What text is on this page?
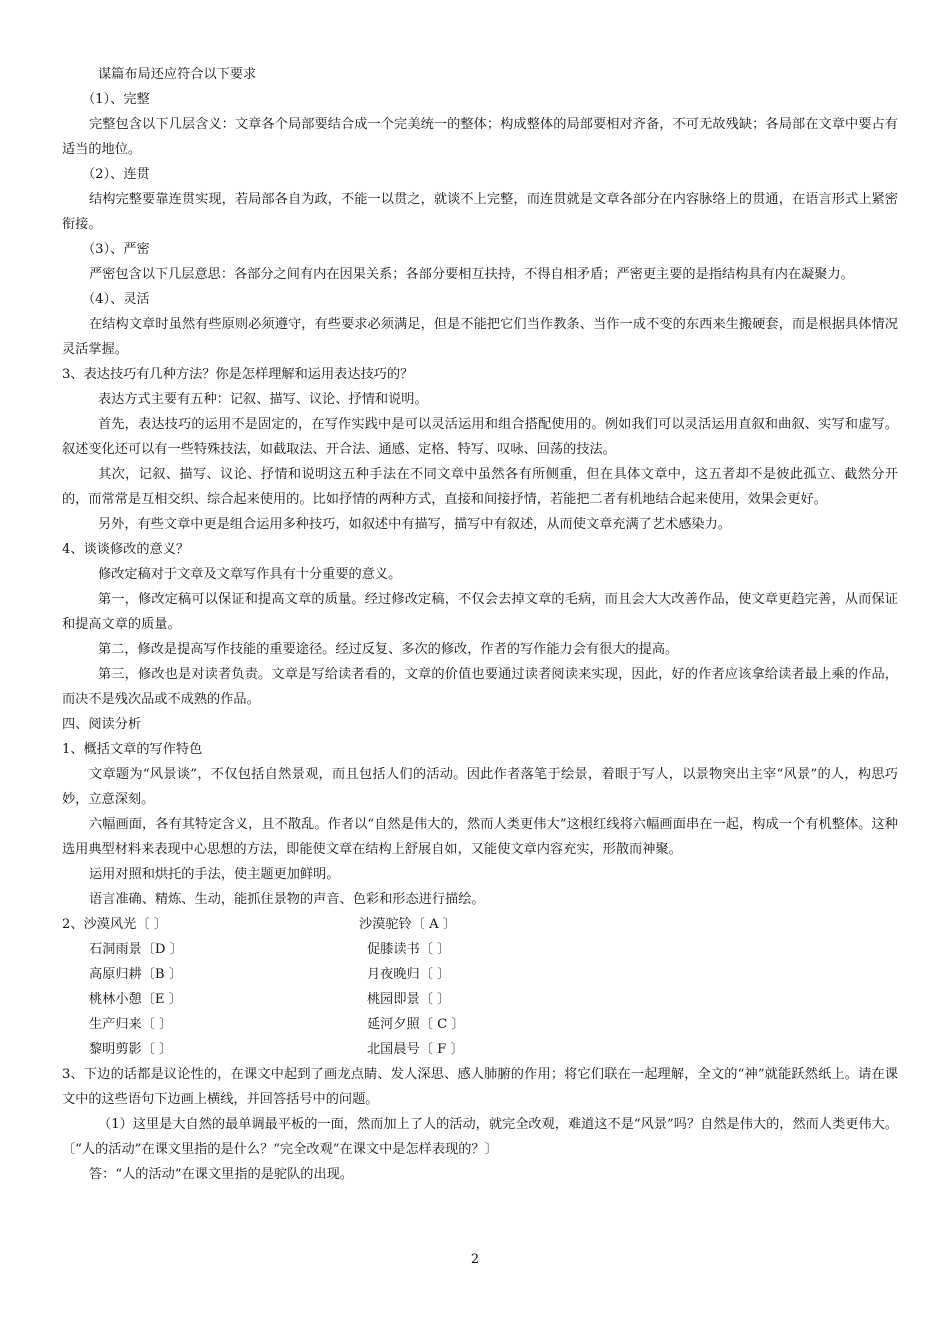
谋篇布局还应符合以下要求
（1）、完整
完整包含以下几层含义：文章各个局部要结合成一个完美统一的整体；构成整体的局部要相对齐备，不可无故残缺；各局部在文章中要占有适当的地位。
（2）、连贯
结构完整要靠连贯实现，若局部各自为政，不能一以贯之，就谈不上完整，而连贯就是文章各部分在内容脉络上的贯通，在语言形式上紧密衔接。
（3）、严密
严密包含以下几层意思：各部分之间有内在因果关系；各部分要相互扶持，不得自相矛盾；严密更主要的是指结构具有内在凝聚力。
（4）、灵活
在结构文章时虽然有些原则必须遵守，有些要求必须满足，但是不能把它们当作教条、当作一成不变的东西来生搬硬套，而是根据具体情况灵活掌握。
3、表达技巧有几种方法？你是怎样理解和运用表达技巧的？
表达方式主要有五种：记叙、描写、议论、抒情和说明。
首先，表达技巧的运用不是固定的，在写作实践中是可以灵活运用和组合搭配使用的。例如我们可以灵活运用直叙和曲叙、实写和虚写。叙述变化还可以有一些特殊技法，如截取法、开合法、通感、定格、特写、叹咏、回荡的技法。
其次，记叙、描写、议论、抒情和说明这五种手法在不同文章中虽然各有所侧重，但在具体文章中，这五者却不是彼此孤立、截然分开的，而常常是互相交织、综合起来使用的。比如抒情的两种方式，直接和间接抒情，若能把二者有机地结合起来使用，效果会更好。
另外，有些文章中更是组合运用多种技巧，如叙述中有描写，描写中有叙述，从而使文章充满了艺术感染力。
4、谈谈修改的意义？
修改定稿对于文章及文章写作具有十分重要的意义。
第一，修改定稿可以保证和提高文章的质量。经过修改定稿，不仅会去掉文章的毛病，而且会大大改善作品，使文章更趋完善，从而保证和提高文章的质量。
第二，修改是提高写作技能的重要途径。经过反复、多次的修改，作者的写作能力会有很大的提高。
第三，修改也是对读者负责。文章是写给读者看的，文章的价值也要通过读者阅读来实现，因此，好的作者应该拿给读者最上乘的作品，而决不是残次品或不成熟的作品。
四、阅读分析
1、概括文章的写作特色
文章题为“风景谈”，不仅包括自然景观，而且包括人们的活动。因此作者落笔于绘景，着眼于写人，以景物突出主宰“风景”的人，构思巧妙，立意深刻。
六幅画面，各有其特定含义，且不散乱。作者以“自然是伟大的，然而人类更伟大”这根红线将六幅画面串在一起，构成一个有机整体。这种选用典型材料来表现中心思想的方法，即能使文章在结构上舒展自如，又能使文章内容充实，形散而神聚。
运用对照和烘托的手法，使主题更加鲜明。
语言准确、精炼、生动，能抓住景物的声音、色彩和形态进行描绘。
2、沙漠风光〔 〕	沙漠驼铃〔 A 〕
石洞雨景〔D 〕	促膝读书〔 〕
高原归耕〔B 〕	月夜晚归〔 〕
桃林小憩〔E 〕	桃园即景〔 〕
生产归来〔 〕	延河夕照〔 C 〕
黎明剪影〔 〕	北国晨号〔 F 〕
3、下边的话都是议论性的，在课文中起到了画龙点睛、发人深思、感人肺腑的作用；将它们联在一起理解，全文的“神”就能跃然纸上。请在课文中的这些语句下边画上横线，并回答括号中的问题。
（1）这里是大自然的最单调最平板的一面，然而加上了人的活动，就完全改观，难道这不是“风景”吗？自然是伟大的，然而人类更伟大。〔“人的活动”在课文里指的是什么？“完全改观”在课文中是怎样表现的？〕
答：“人的活动”在课文里指的是驼队的出现。
2
